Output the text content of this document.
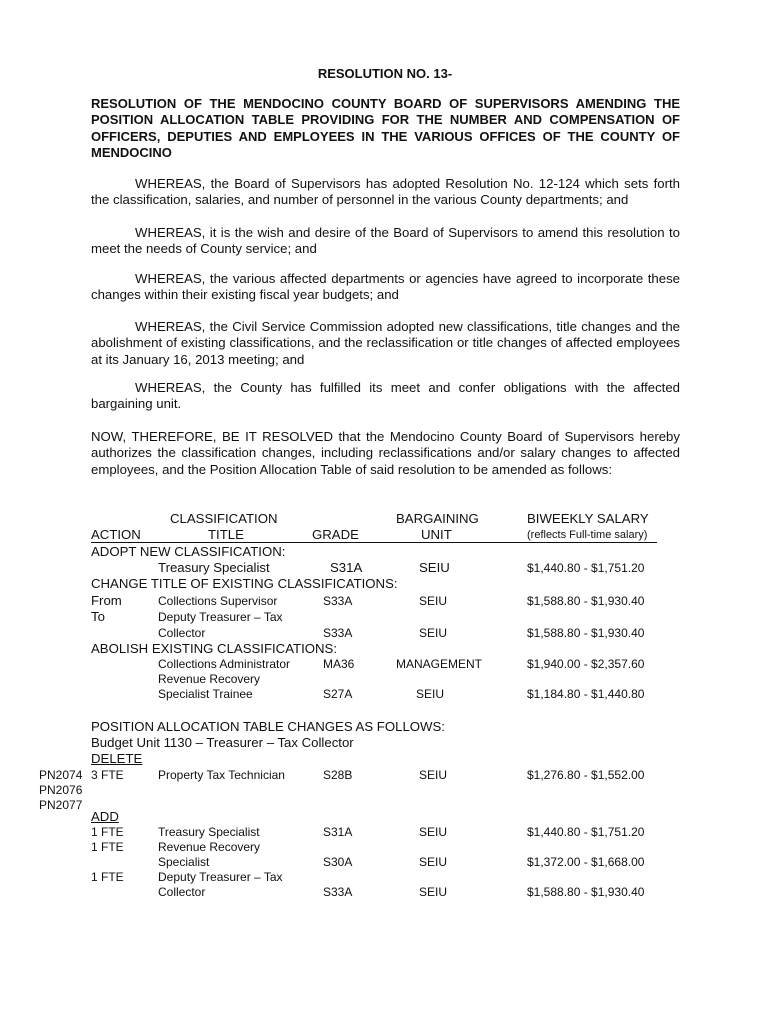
RESOLUTION NO. 13-
RESOLUTION OF THE MENDOCINO COUNTY BOARD OF SUPERVISORS AMENDING THE POSITION ALLOCATION TABLE PROVIDING FOR THE NUMBER AND COMPENSATION OF OFFICERS, DEPUTIES AND EMPLOYEES IN THE VARIOUS OFFICES OF THE COUNTY OF MENDOCINO
WHEREAS, the Board of Supervisors has adopted Resolution No. 12-124 which sets forth the classification, salaries, and number of personnel in the various County departments; and
WHEREAS, it is the wish and desire of the Board of Supervisors to amend this resolution to meet the needs of County service; and
WHEREAS, the various affected departments or agencies have agreed to incorporate these changes within their existing fiscal year budgets; and
WHEREAS, the Civil Service Commission adopted new classifications, title changes and the abolishment of existing classifications, and the reclassification or title changes of affected employees at its January 16, 2013 meeting; and
WHEREAS, the County has fulfilled its meet and confer obligations with the affected bargaining unit.
NOW, THEREFORE, BE IT RESOLVED that the Mendocino County Board of Supervisors hereby authorizes the classification changes, including reclassifications and/or salary changes to affected employees, and the Position Allocation Table of said resolution to be amended as follows:
CLASSIFICATION
TITLE
ACTION	GRADE
BARGAINING
UNIT
BIWEEKLY SALARY
(reflects Full-time salary)
ADOPT NEW CLASSIFICATION:
Treasury Specialist	S31A	SEIU	$1,440.80 - $1,751.20
CHANGE TITLE OF EXISTING CLASSIFICATIONS:
From	Collections Supervisor	S33A	SEIU	$1,588.80 - $1,930.40
To	Deputy Treasurer – Tax
Collector	S33A	SEIU	$1,588.80 - $1,930.40
ABOLISH EXISTING CLASSIFICATIONS:
Collections Administrator	MA36	MANAGEMENT	$1,940.00 - $2,357.60
Revenue Recovery
Specialist Trainee	S27A	SEIU	$1,184.80 - $1,440.80
POSITION ALLOCATION TABLE CHANGES AS FOLLOWS:
Budget Unit 1130 – Treasurer – Tax Collector
DELETE
PN2074
PN2076
PN2077
3 FTE	Property Tax Technician	S28B	SEIU	$1,276.80 - $1,552.00
ADD
1 FTE	Treasury Specialist	S31A	SEIU	$1,440.80 - $1,751.20
1 FTE	Revenue Recovery
Specialist	S30A	SEIU	$1,372.00 - $1,668.00
1 FTE	Deputy Treasurer – Tax
Collector	S33A	SEIU	$1,588.80 - $1,930.40
